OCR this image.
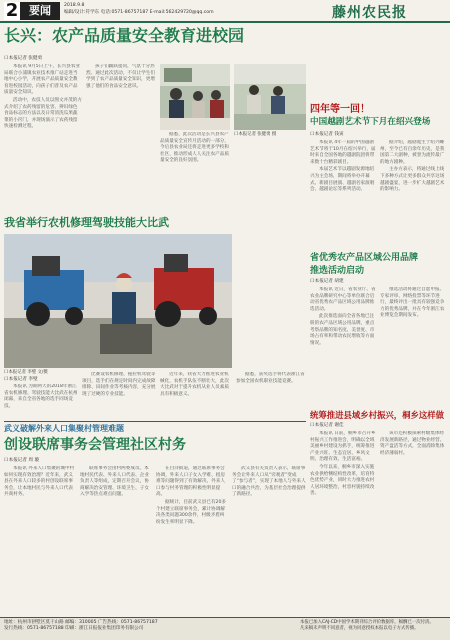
2 要闻	2018.9.8
编辑/设计:符学东 电话:0571-86757187 E-mail:562429720@qq.com	藤州农民报
长兴：农产品质量安全教育进校园
口本报记者 张健勇

本报讯 9月5日上午，长兴县农业局联合小浦镇农业技术推广站走进当地中心小学，开展农产品质量安全教育进校园活动，向孩子们普及农产品质量安全知识。

活动中，农技人员以图文并茂的方式介绍了农药残留的危害、辨识绿色食品标志的方法以及日常清洗瓜果蔬菜的小窍门，并现场演示了农药残留快速检测过程。

孩子们踊跃提问，气氛十分热烈。通过此次活动，不仅让学生们学到了农产品质量安全知识，更增强了他们的食品安全意识。

据悉，此次活动是长兴县农产品质量安全宣传月活动的一部分，今后县农业局还将走进更多学校和社区，推动形成人人关注农产品质量安全的良好氛围。

口本报记者 张健勇 摄
四年等一回！
中国越剧艺术节下月在绍兴登场
口本报记者 钱寅

本报讯 4年一届的中国越剧艺术节将于10月在绍兴举行，届时来自全国各地的越剧院团将带来数十台精彩剧目。

本届艺术节以越剧发源地绍兴为主会场，期间将举办开幕式、新剧目展演、越剧名家演唱会、越剧论坛等系列活动。

据介绍，越剧诞生于绍兴嵊州，至今已有百余年历史，是我国第二大剧种，被誉为流传最广的地方剧种。

主办方表示，将通过线上线下多种方式让更多群众共享这场越剧盛宴，进一步扩大越剧艺术的影响力。

我省举行农机修理驾驶技能大比武
口本报记者 李璧 文/摄
口本报记者 李璧

本报讯 为期两天的2018年浙江省农机修理、驾驶技能大比武在杭州闭幕，来自全省各地的选手同场竞技。

比赛设农机修理、拖拉机驾驶等项目，选手们在规定时间内完成故障排除、田间作业等考核内容，充分展现了过硬的专业技能。

近年来，我省大力推进农业机械化，农机手队伍不断壮大，此次大比武对于提升农机从业人员素质具有积极意义。

据悉，获奖选手将代表浙江省参加全国农机职业技能竞赛。

省优秀农产品区域公用品牌
推选活动启动
口本报记者 胡建

本报讯 近日，省农业厅、省农业品牌研究中心等单位联合启动省优秀农产品区域公用品牌推选活动。

此次推选面向全省各地已注册的农产品区域公用品牌，重点考察品牌的知名度、美誉度、市场占有率和带动农民增收等方面情况。

推选活动将通过自愿申报、专家评审、网络投票等环节进行，最终评出一批具有较强竞争力的优秀品牌，并在今年浙江农业博览会期间发布。

统筹推进县域乡村振兴，桐乡这样做
口本报记者 谢佳

本报讯 日前，桐乡市召开乡村振兴工作推进会，明确以全域美丽乡村建设为抓手，统筹推进产业兴旺、生态宜居、乡风文明、治理有效、生活富裕。

今年以来，桐乡市深入实施农业供给侧结构性改革，培育特色优势产业，同时大力推进农村人居环境整治，村容村貌持续改善。

该市还积极探索村级集体经济发展新路径，通过物业经营、资产盘活等方式，全面消除集体经济薄弱村。

武义破解外来人口集聚村管理难题
创设联席事务会管理社区村务
口本报记者 周 璇

本报讯 外来人口集聚的城中村如何实现有效治理？近年来，武义县在外来人口较多的村创设联席事务会，让本地村民与外来人口代表共商村务。

联席事务会由村两委成员、本地村民代表、外来人口代表、企业负责人等组成，定期召开会议，协商解决治安管理、环境卫生、子女入学等热点难点问题。

在白洋街道，通过联席事务会协调，外来人口子女入学难、租房难等问题得到了有效解决，外来人口参与村务管理的积极性明显提高。

据统计，目前武义县已有20多个村建立联席事务会，累计协调解决各类问题300余件，村级矛盾纠纷发生率明显下降。

武义县有关负责人表示，联席事务会让外来人口从“旁观者”变成了“参与者”，实现了本地人与外来人口的融合共治，为基层社会治理提供了新路径。

地址：杭州市拱墅区莫干山路 邮编：310005 广告热线：0571-86757187
发行热线：0571-86757188 印刷：浙江日报报业集团印务有限公司
本报已加入CAJ-CD中国学术期刊综合评价数据库，稿酬已一次付清。
凡来稿未声明不同意者，视为同意授权本报以电子方式传播。
